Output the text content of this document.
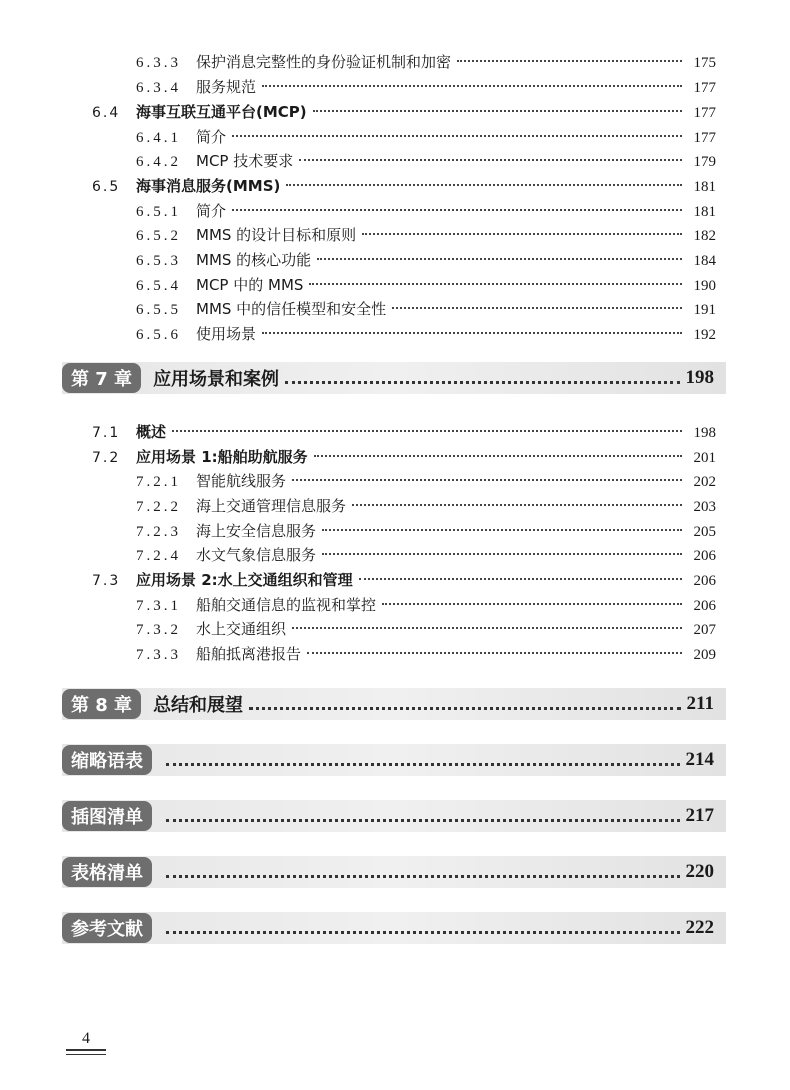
6.3.3	保护消息完整性的身份验证机制和加密	175
6.3.4	服务规范	177
6.4	海事互联互通平台(MCP)	177
6.4.1	简介	177
6.4.2	MCP 技术要求	179
6.5	海事消息服务(MMS)	181
6.5.1	简介	181
6.5.2	MMS 的设计目标和原则	182
6.5.3	MMS 的核心功能	184
6.5.4	MCP 中的 MMS	190
6.5.5	MMS 中的信任模型和安全性	191
6.5.6	使用场景	192
第 7 章	应用场景和案例	198
7.1	概述	198
7.2	应用场景 1:船舶助航服务	201
7.2.1	智能航线服务	202
7.2.2	海上交通管理信息服务	203
7.2.3	海上安全信息服务	205
7.2.4	水文气象信息服务	206
7.3	应用场景 2:水上交通组织和管理	206
7.3.1	船舶交通信息的监视和掌控	206
7.3.2	水上交通组织	207
7.3.3	船舶抵离港报告	209
第 8 章	总结和展望	211
缩略语表	214
插图清单	217
表格清单	220
参考文献	222
4
